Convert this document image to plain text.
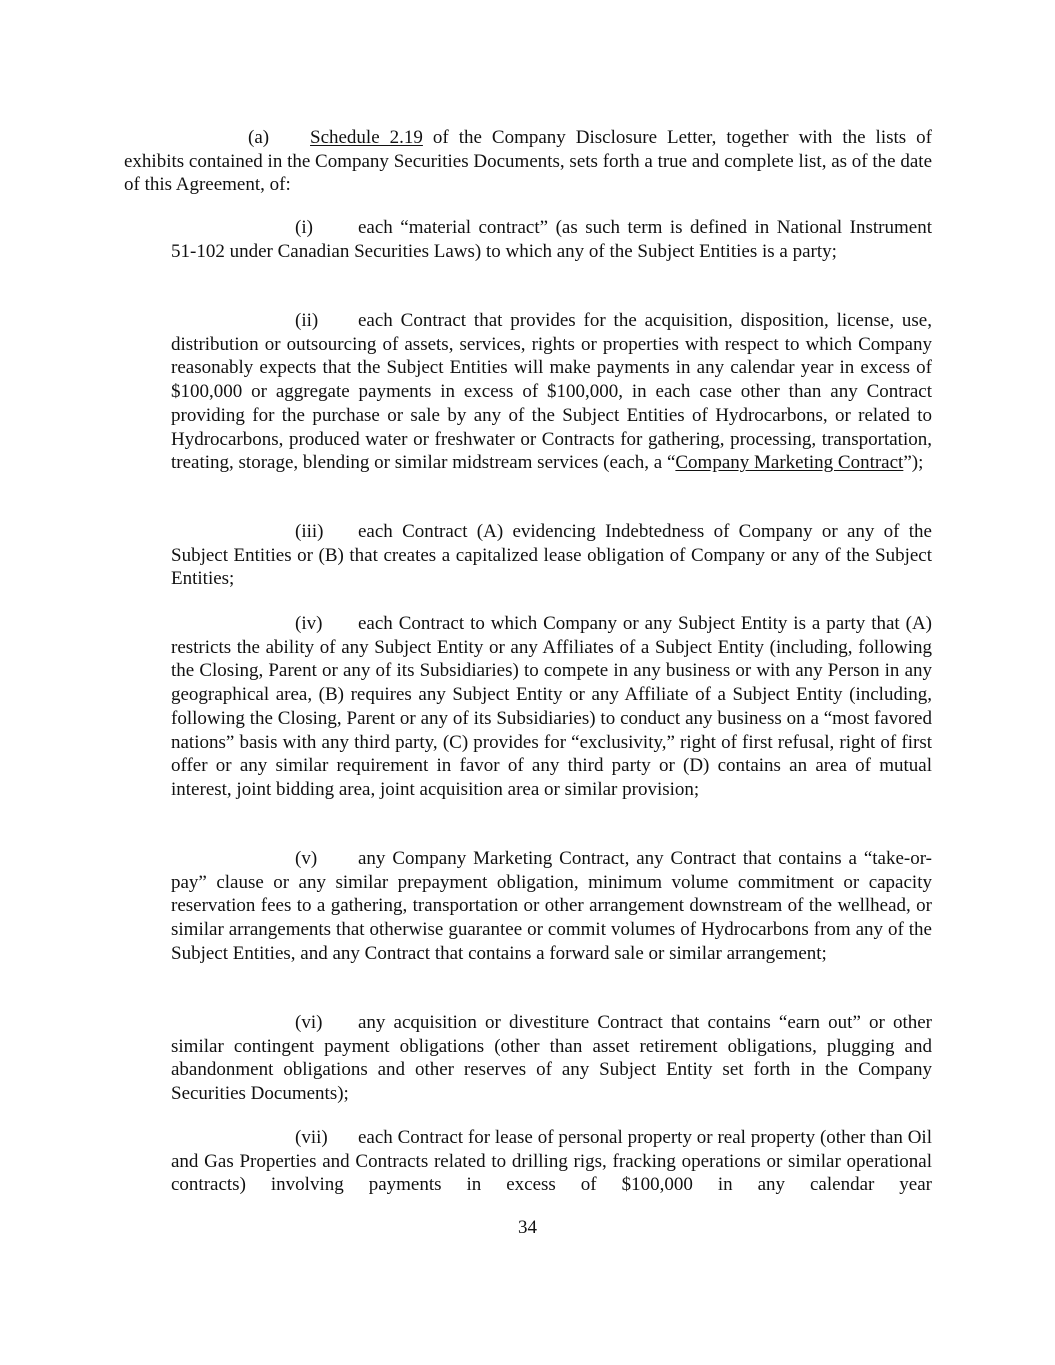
(a) Schedule 2.19 of the Company Disclosure Letter, together with the lists of exhibits contained in the Company Securities Documents, sets forth a true and complete list, as of the date of this Agreement, of:
(i) each “material contract” (as such term is defined in National Instrument 51-102 under Canadian Securities Laws) to which any of the Subject Entities is a party;
(ii) each Contract that provides for the acquisition, disposition, license, use, distribution or outsourcing of assets, services, rights or properties with respect to which Company reasonably expects that the Subject Entities will make payments in any calendar year in excess of $100,000 or aggregate payments in excess of $100,000, in each case other than any Contract providing for the purchase or sale by any of the Subject Entities of Hydrocarbons, or related to Hydrocarbons, produced water or freshwater or Contracts for gathering, processing, transportation, treating, storage, blending or similar midstream services (each, a “Company Marketing Contract”);
(iii) each Contract (A) evidencing Indebtedness of Company or any of the Subject Entities or (B) that creates a capitalized lease obligation of Company or any of the Subject Entities;
(iv) each Contract to which Company or any Subject Entity is a party that (A) restricts the ability of any Subject Entity or any Affiliates of a Subject Entity (including, following the Closing, Parent or any of its Subsidiaries) to compete in any business or with any Person in any geographical area, (B) requires any Subject Entity or any Affiliate of a Subject Entity (including, following the Closing, Parent or any of its Subsidiaries) to conduct any business on a “most favored nations” basis with any third party, (C) provides for “exclusivity,” right of first refusal, right of first offer or any similar requirement in favor of any third party or (D) contains an area of mutual interest, joint bidding area, joint acquisition area or similar provision;
(v) any Company Marketing Contract, any Contract that contains a “take-or-pay” clause or any similar prepayment obligation, minimum volume commitment or capacity reservation fees to a gathering, transportation or other arrangement downstream of the wellhead, or similar arrangements that otherwise guarantee or commit volumes of Hydrocarbons from any of the Subject Entities, and any Contract that contains a forward sale or similar arrangement;
(vi) any acquisition or divestiture Contract that contains “earn out” or other similar contingent payment obligations (other than asset retirement obligations, plugging and abandonment obligations and other reserves of any Subject Entity set forth in the Company Securities Documents);
(vii) each Contract for lease of personal property or real property (other than Oil and Gas Properties and Contracts related to drilling rigs, fracking operations or similar operational contracts) involving payments in excess of $100,000 in any calendar year
34
